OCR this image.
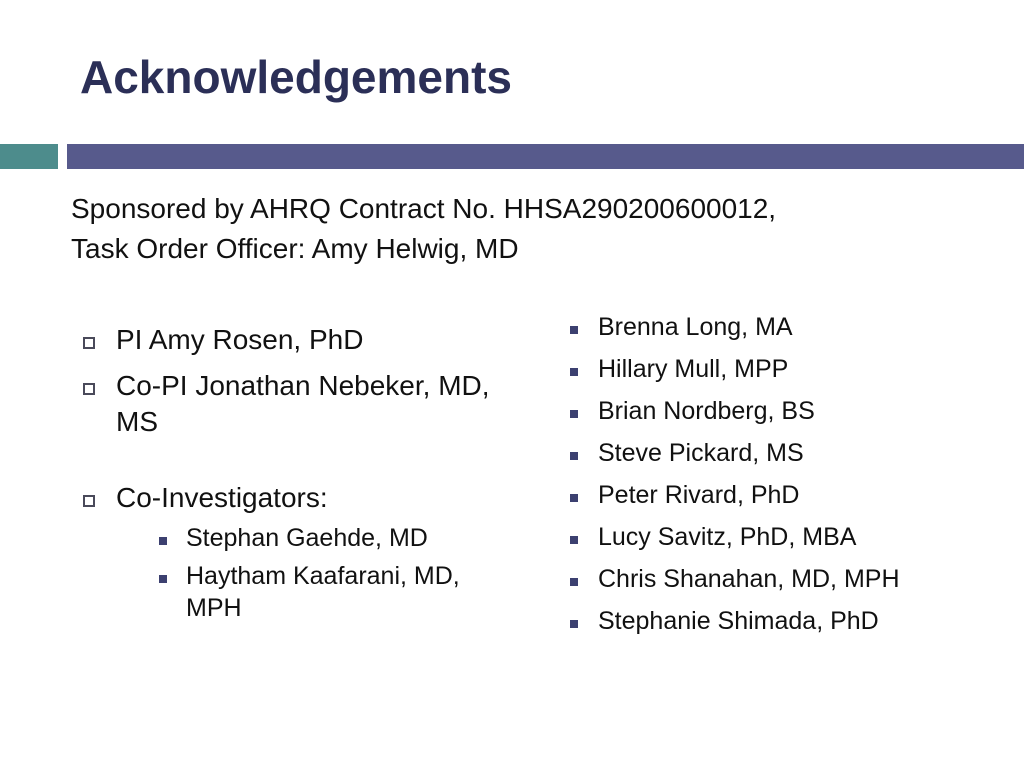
Acknowledgements
Sponsored by AHRQ Contract No. HHSA290200600012,
Task Order Officer: Amy Helwig, MD
PI Amy Rosen, PhD
Co-PI Jonathan Nebeker, MD, MS
Co-Investigators:
Stephan Gaehde, MD
Haytham Kaafarani, MD, MPH
Brenna Long, MA
Hillary Mull, MPP
Brian Nordberg, BS
Steve Pickard, MS
Peter Rivard, PhD
Lucy Savitz, PhD, MBA
Chris Shanahan, MD, MPH
Stephanie Shimada, PhD
